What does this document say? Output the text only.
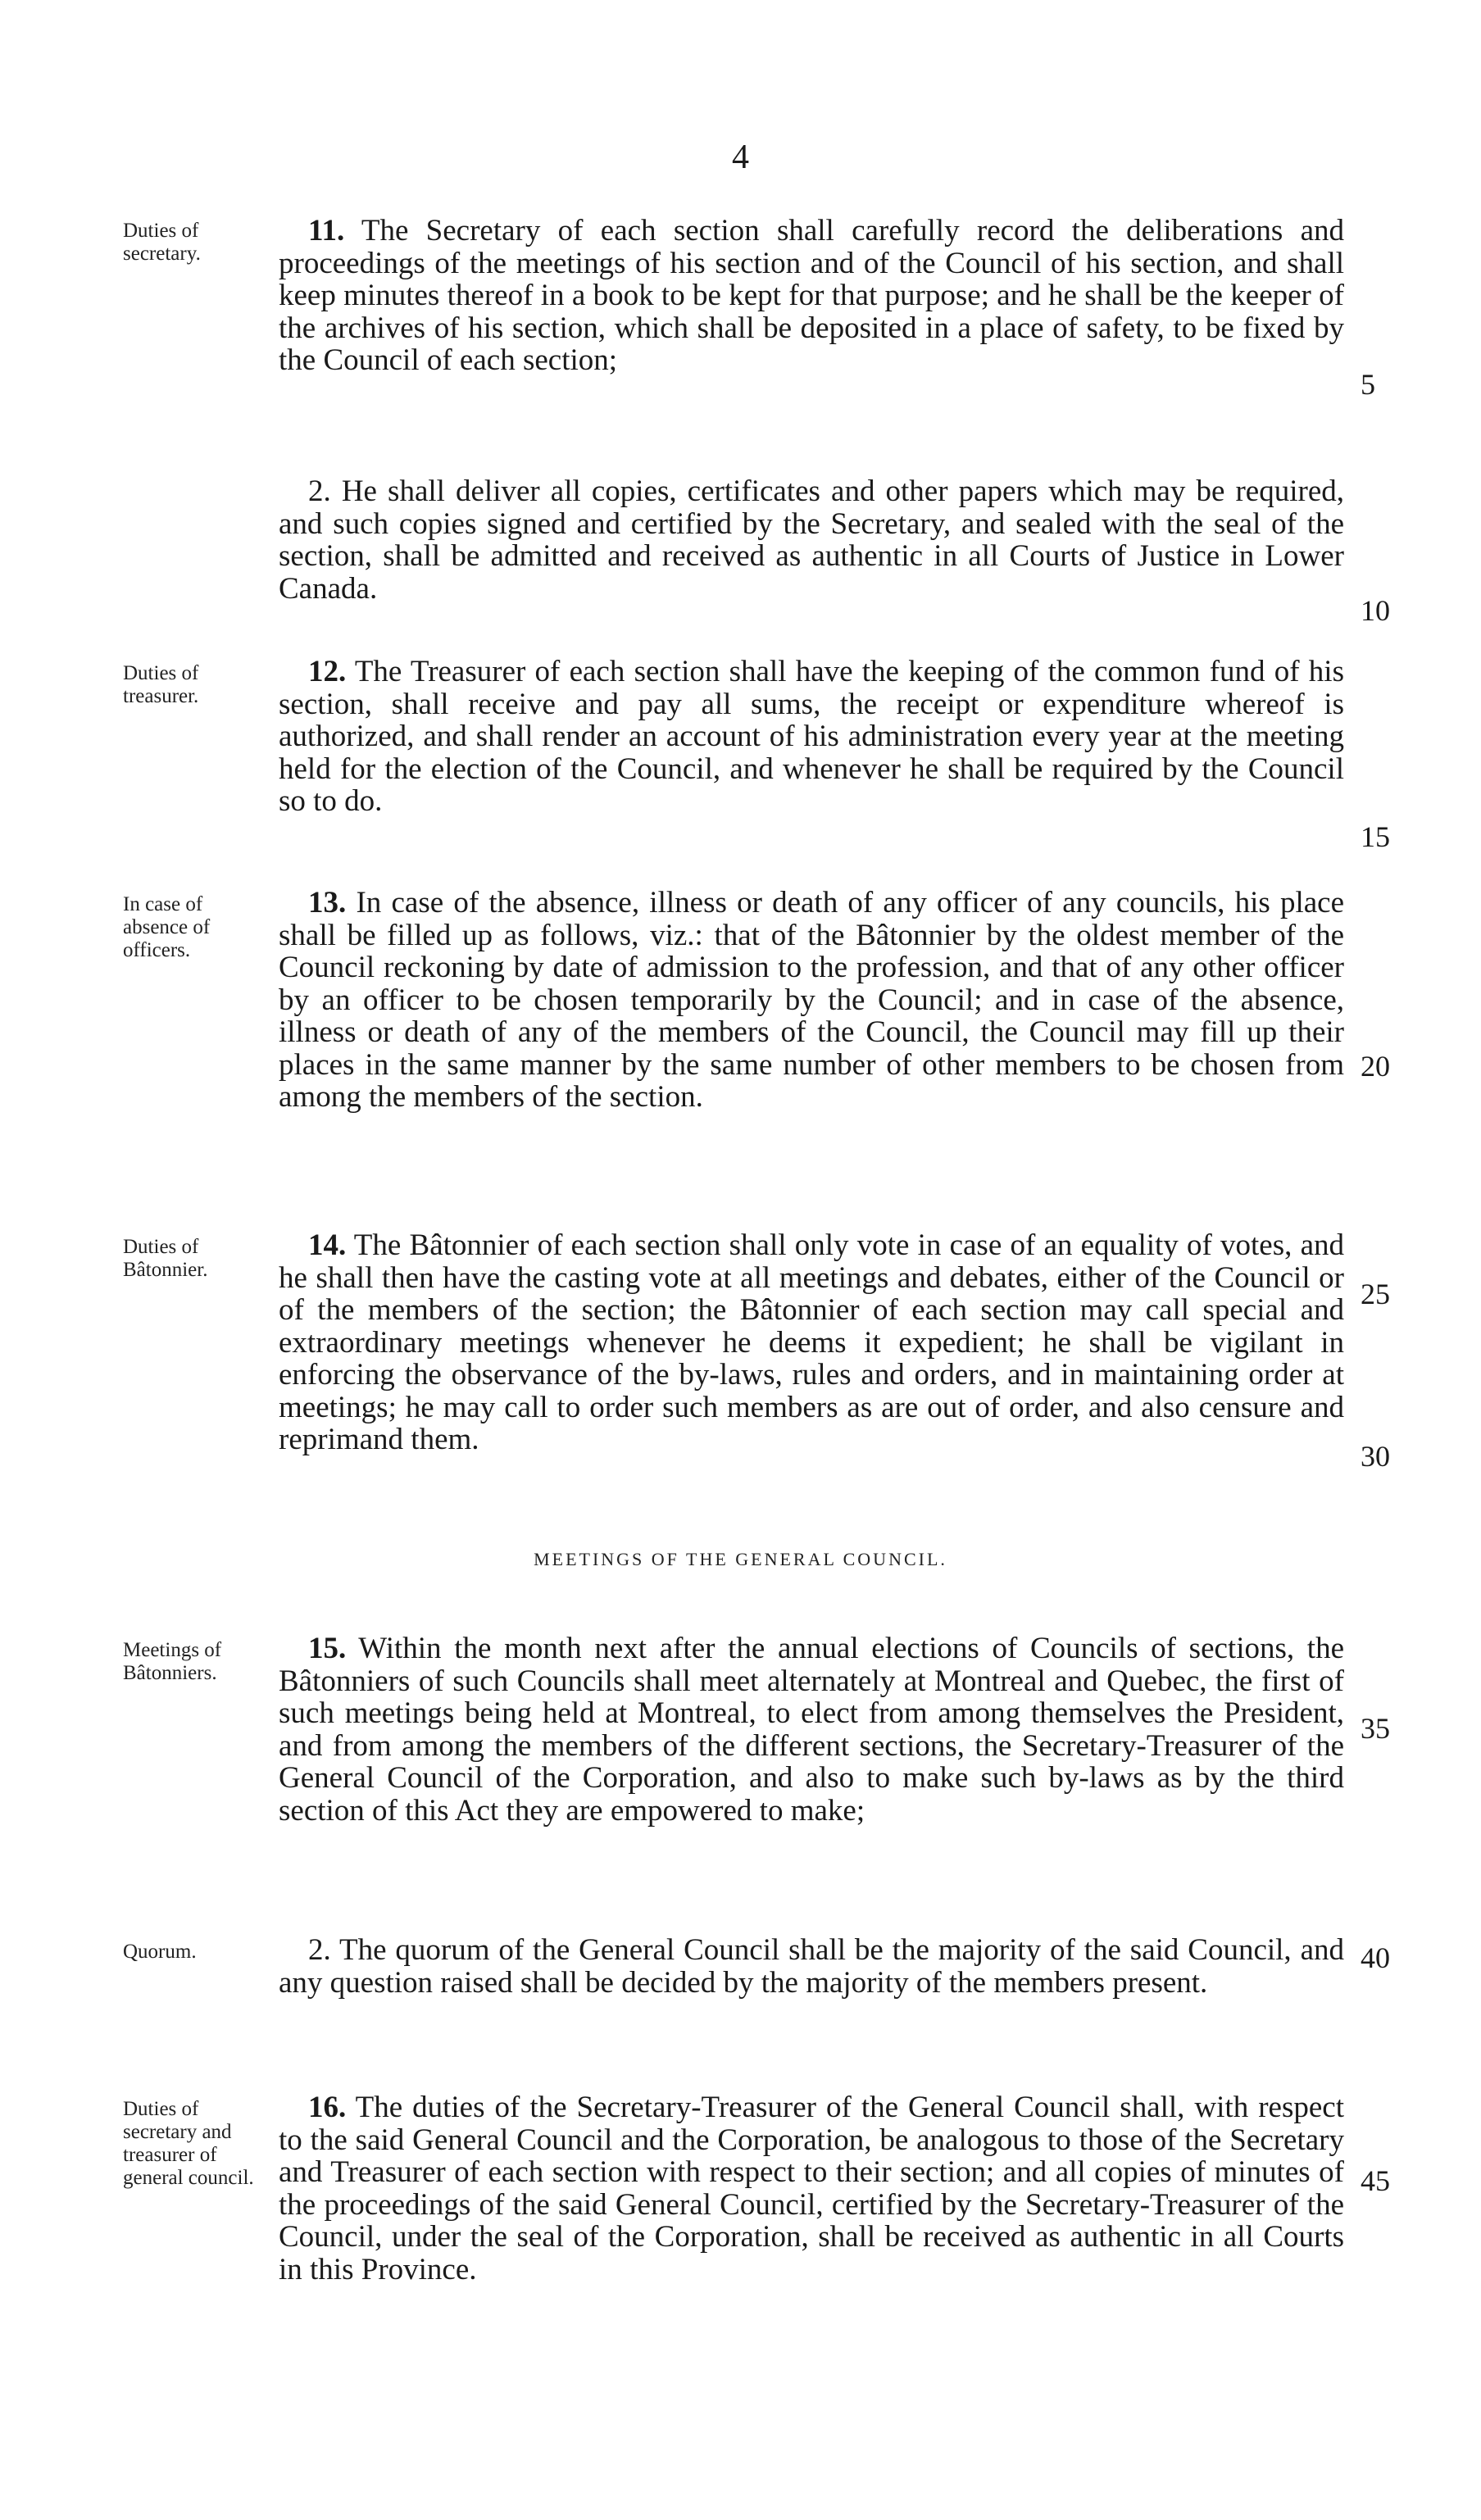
4
Duties of secretary.
11. The Secretary of each section shall carefully record the deliberations and proceedings of the meetings of his section and of the Council of his section, and shall keep minutes thereof in a book to be kept for that purpose; and he shall be the keeper of the archives of his section, which shall be deposited in a place of safety, to be fixed by the Council of each section;
2. He shall deliver all copies, certificates and other papers which may be required, and such copies signed and certified by the Secretary, and sealed with the seal of the section, shall be admitted and received as authentic in all Courts of Justice in Lower Canada.
Duties of treasurer.
12. The Treasurer of each section shall have the keeping of the common fund of his section, shall receive and pay all sums, the receipt or expenditure whereof is authorized, and shall render an account of his administration every year at the meeting held for the election of the Council, and whenever he shall be required by the Council so to do.
In case of absence of officers.
13. In case of the absence, illness or death of any officer of any councils, his place shall be filled up as follows, viz.: that of the Bâtonnier by the oldest member of the Council reckoning by date of admission to the profession, and that of any other officer by an officer to be chosen temporarily by the Council; and in case of the absence, illness or death of any of the members of the Council, the Council may fill up their places in the same manner by the same number of other members to be chosen from among the members of the section.
Duties of Bâtonnier.
14. The Bâtonnier of each section shall only vote in case of an equality of votes, and he shall then have the casting vote at all meetings and debates, either of the Council or of the members of the section; the Bâtonnier of each section may call special and extraordinary meetings whenever he deems it expedient; he shall be vigilant in enforcing the observance of the by-laws, rules and orders, and in maintaining order at meetings; he may call to order such members as are out of order, and also censure and reprimand them.
MEETINGS OF THE GENERAL COUNCIL.
Meetings of Bâtonniers.
15. Within the month next after the annual elections of Councils of sections, the Bâtonniers of such Councils shall meet alternately at Montreal and Quebec, the first of such meetings being held at Montreal, to elect from among themselves the President, and from among the members of the different sections, the Secretary-Treasurer of the General Council of the Corporation, and also to make such by-laws as by the third section of this Act they are empowered to make;
Quorum.	2. The quorum of the General Council shall be the majority of the said Council, and any question raised shall be decided by the majority of the members present.
Duties of secretary and treasurer of general council.
16. The duties of the Secretary-Treasurer of the General Council shall, with respect to the said General Council and the Corporation, be analogous to those of the Secretary and Treasurer of each section with respect to their section; and all copies of minutes of the proceedings of the said General Council, certified by the Secretary-Treasurer of the Council, under the seal of the Corporation, shall be received as authentic in all Courts in this Province.
5
10
15
20
25
30
35
40
45
